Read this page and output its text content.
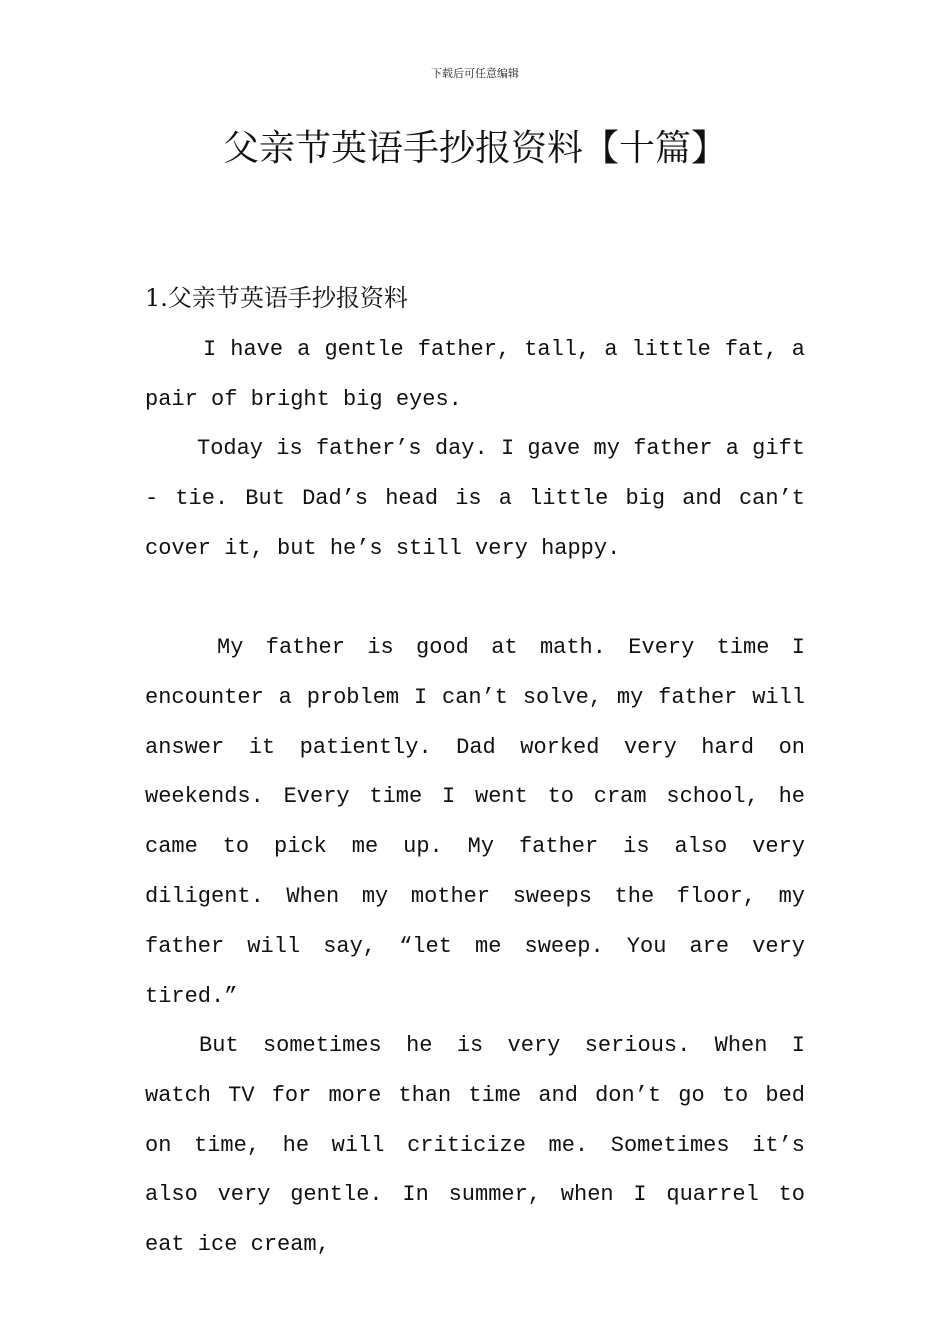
下载后可任意编辑
父亲节英语手抄报资料【十篇】
1.父亲节英语手抄报资料

I have a gentle father, tall, a little fat, a pair of bright big eyes.

Today is father’s day. I gave my father a gift - tie. But Dad’s head is a little big and can’t cover it, but he’s still very happy.

My father is good at math. Every time I encounter a problem I can’t solve, my father will answer it patiently. Dad worked very hard on weekends. Every time I went to cram school, he came to pick me up. My father is also very diligent. When my mother sweeps the floor, my father will say, “let me sweep. You are very tired.”

But sometimes he is very serious. When I watch TV for more than time and don’t go to bed on time, he will criticize me. Sometimes it’s also very gentle. In summer, when I quarrel to eat ice cream,
